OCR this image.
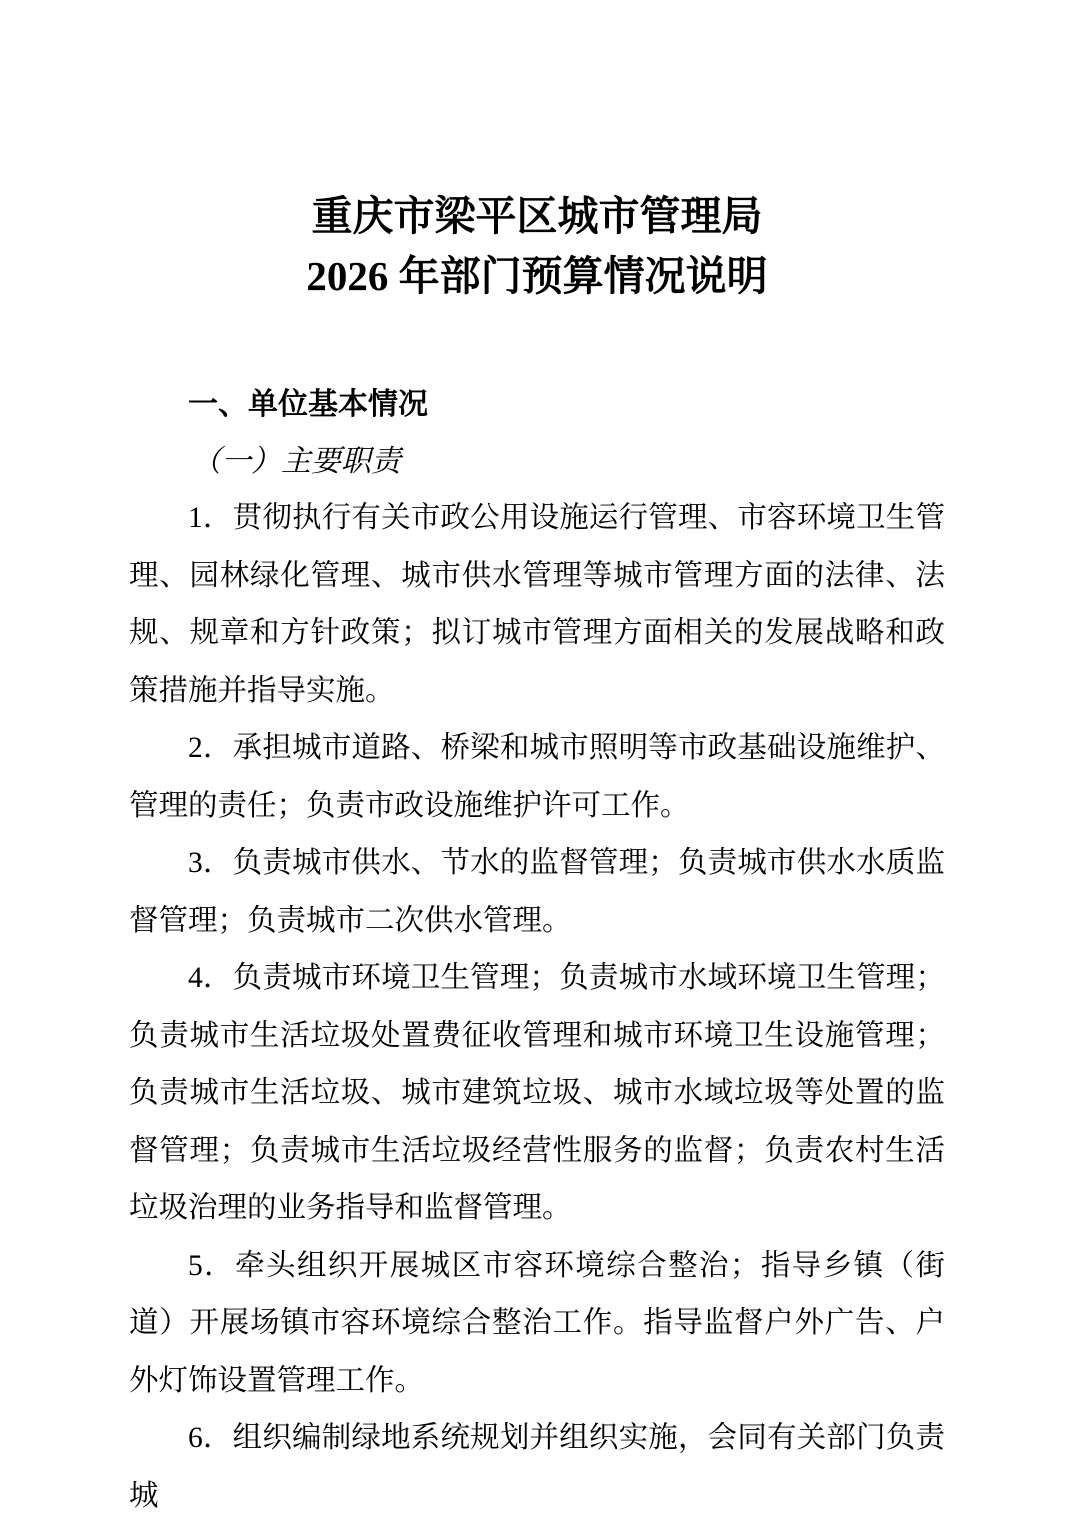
重庆市梁平区城市管理局
2026 年部门预算情况说明
一、单位基本情况
（一）主要职责

1．贯彻执行有关市政公用设施运行管理、市容环境卫生管理、园林绿化管理、城市供水管理等城市管理方面的法律、法规、规章和方针政策；拟订城市管理方面相关的发展战略和政策措施并指导实施。

2．承担城市道路、桥梁和城市照明等市政基础设施维护、管理的责任；负责市政设施维护许可工作。

3．负责城市供水、节水的监督管理；负责城市供水水质监督管理；负责城市二次供水管理。

4．负责城市环境卫生管理；负责城市水域环境卫生管理；负责城市生活垃圾处置费征收管理和城市环境卫生设施管理；负责城市生活垃圾、城市建筑垃圾、城市水域垃圾等处置的监督管理；负责城市生活垃圾经营性服务的监督；负责农村生活垃圾治理的业务指导和监督管理。

5．牵头组织开展城区市容环境综合整治；指导乡镇（街道）开展场镇市容环境综合整治工作。指导监督户外广告、户外灯饰设置管理工作。

6．组织编制绿地系统规划并组织实施，会同有关部门负责城
